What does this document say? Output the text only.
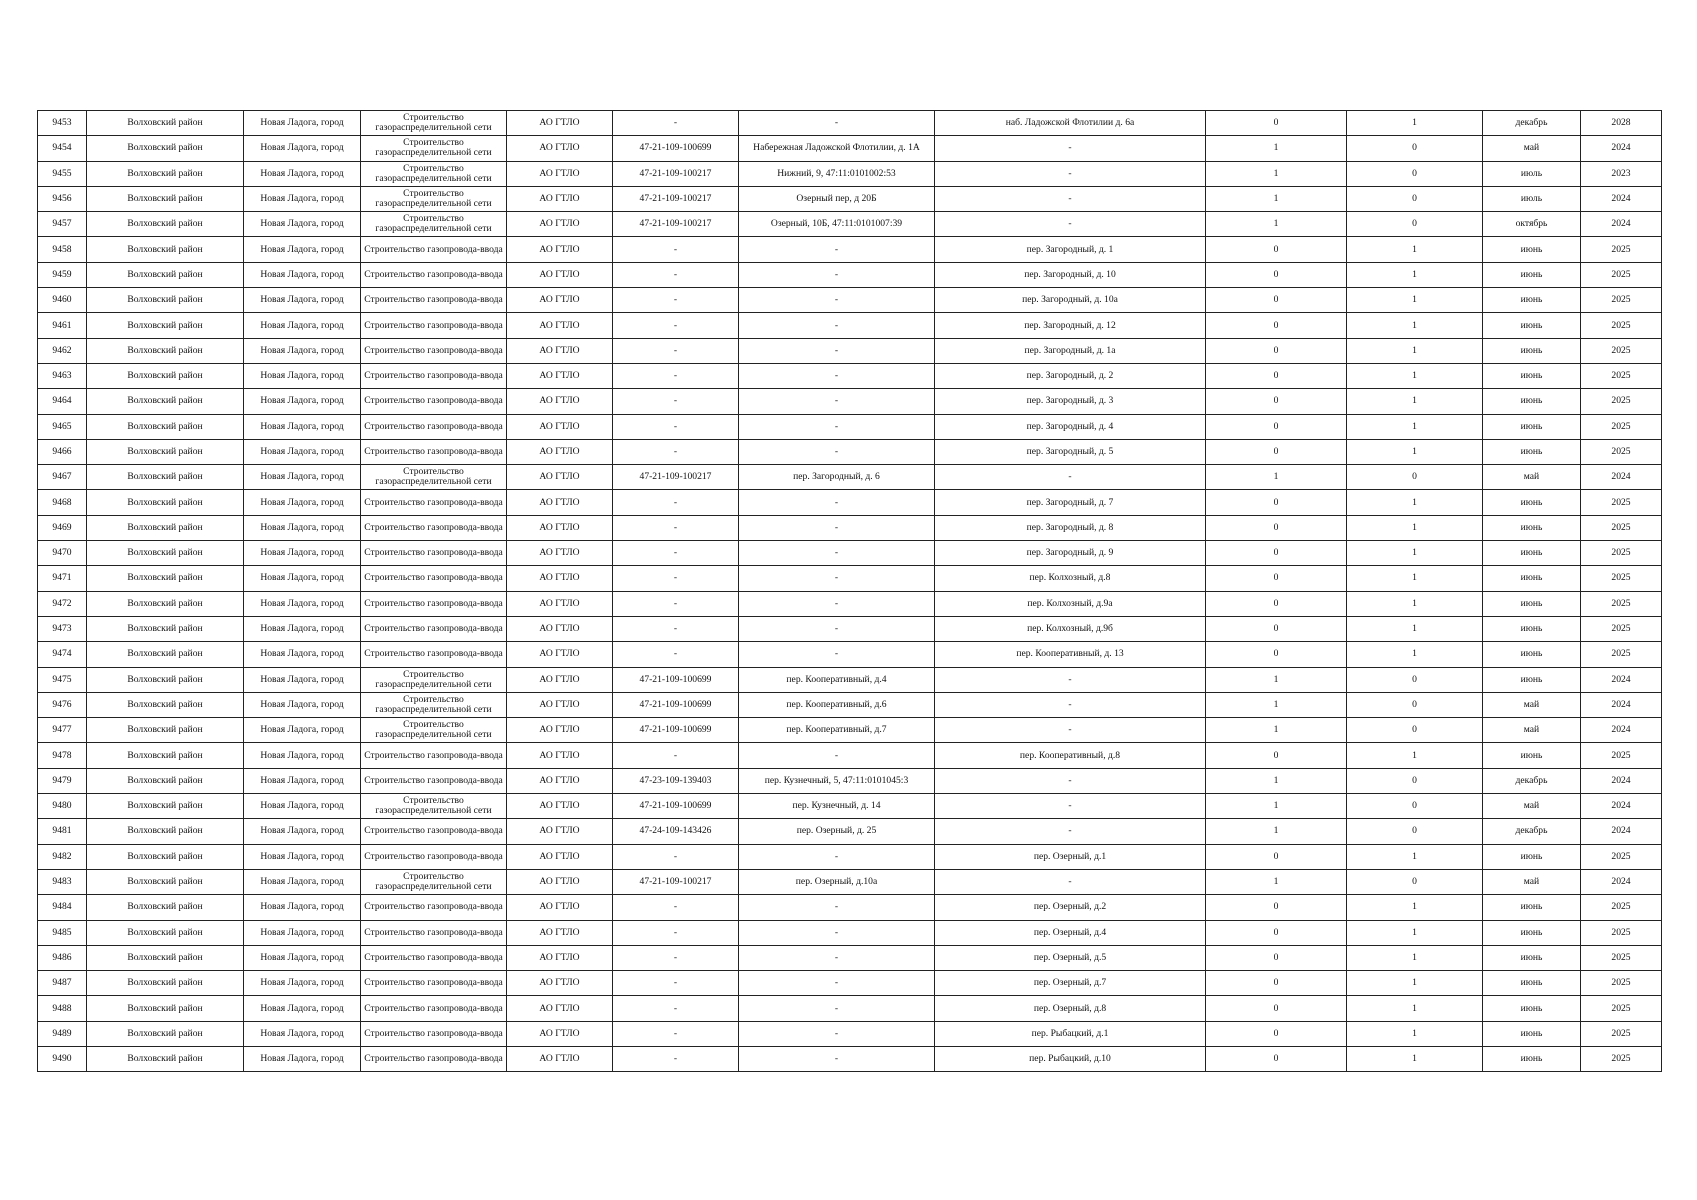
9453	Волховский район	Новая Ладога, город	Строительство газораспределительной сети	АО ГТЛО	-	-	наб. Ладожской Флотилии д. 6а	0	1	декабрь	2028
9454	Волховский район	Новая Ладога, город	Строительство газораспределительной сети	АО ГТЛО	47-21-109-100699	Набережная Ладожской Флотилии, д. 1А	-	1	0	май	2024
9455	Волховский район	Новая Ладога, город	Строительство газораспределительной сети	АО ГТЛО	47-21-109-100217	Нижний, 9, 47:11:0101002:53	-	1	0	июль	2023
9456	Волховский район	Новая Ладога, город	Строительство газораспределительной сети	АО ГТЛО	47-21-109-100217	Озерный пер, д 20Б	-	1	0	июль	2024
9457	Волховский район	Новая Ладога, город	Строительство газораспределительной сети	АО ГТЛО	47-21-109-100217	Озерный, 10Б, 47:11:0101007:39	-	1	0	октябрь	2024
9458	Волховский район	Новая Ладога, город	Строительство газопровода-ввода	АО ГТЛО	-	-	пер. Загородный, д. 1	0	1	июнь	2025
9459	Волховский район	Новая Ладога, город	Строительство газопровода-ввода	АО ГТЛО	-	-	пер. Загородный, д. 10	0	1	июнь	2025
9460	Волховский район	Новая Ладога, город	Строительство газопровода-ввода	АО ГТЛО	-	-	пер. Загородный, д. 10а	0	1	июнь	2025
9461	Волховский район	Новая Ладога, город	Строительство газопровода-ввода	АО ГТЛО	-	-	пер. Загородный, д. 12	0	1	июнь	2025
9462	Волховский район	Новая Ладога, город	Строительство газопровода-ввода	АО ГТЛО	-	-	пер. Загородный, д. 1а	0	1	июнь	2025
9463	Волховский район	Новая Ладога, город	Строительство газопровода-ввода	АО ГТЛО	-	-	пер. Загородный, д. 2	0	1	июнь	2025
9464	Волховский район	Новая Ладога, город	Строительство газопровода-ввода	АО ГТЛО	-	-	пер. Загородный, д. 3	0	1	июнь	2025
9465	Волховский район	Новая Ладога, город	Строительство газопровода-ввода	АО ГТЛО	-	-	пер. Загородный, д. 4	0	1	июнь	2025
9466	Волховский район	Новая Ладога, город	Строительство газопровода-ввода	АО ГТЛО	-	-	пер. Загородный, д. 5	0	1	июнь	2025
9467	Волховский район	Новая Ладога, город	Строительство газораспределительной сети	АО ГТЛО	47-21-109-100217	пер. Загородный, д. 6	-	1	0	май	2024
9468	Волховский район	Новая Ладога, город	Строительство газопровода-ввода	АО ГТЛО	-	-	пер. Загородный, д. 7	0	1	июнь	2025
9469	Волховский район	Новая Ладога, город	Строительство газопровода-ввода	АО ГТЛО	-	-	пер. Загородный, д. 8	0	1	июнь	2025
9470	Волховский район	Новая Ладога, город	Строительство газопровода-ввода	АО ГТЛО	-	-	пер. Загородный, д. 9	0	1	июнь	2025
9471	Волховский район	Новая Ладога, город	Строительство газопровода-ввода	АО ГТЛО	-	-	пер. Колхозный, д.8	0	1	июнь	2025
9472	Волховский район	Новая Ладога, город	Строительство газопровода-ввода	АО ГТЛО	-	-	пер. Колхозный, д.9а	0	1	июнь	2025
9473	Волховский район	Новая Ладога, город	Строительство газопровода-ввода	АО ГТЛО	-	-	пер. Колхозный, д.9б	0	1	июнь	2025
9474	Волховский район	Новая Ладога, город	Строительство газопровода-ввода	АО ГТЛО	-	-	пер. Кооперативный, д. 13	0	1	июнь	2025
9475	Волховский район	Новая Ладога, город	Строительство газораспределительной сети	АО ГТЛО	47-21-109-100699	пер. Кооперативный, д.4	-	1	0	июнь	2024
9476	Волховский район	Новая Ладога, город	Строительство газораспределительной сети	АО ГТЛО	47-21-109-100699	пер. Кооперативный, д.6	-	1	0	май	2024
9477	Волховский район	Новая Ладога, город	Строительство газораспределительной сети	АО ГТЛО	47-21-109-100699	пер. Кооперативный, д.7	-	1	0	май	2024
9478	Волховский район	Новая Ладога, город	Строительство газопровода-ввода	АО ГТЛО	-	-	пер. Кооперативный, д.8	0	1	июнь	2025
9479	Волховский район	Новая Ладога, город	Строительство газопровода-ввода	АО ГТЛО	47-23-109-139403	пер. Кузнечный, 5, 47:11:0101045:3	-	1	0	декабрь	2024
9480	Волховский район	Новая Ладога, город	Строительство газораспределительной сети	АО ГТЛО	47-21-109-100699	пер. Кузнечный, д. 14	-	1	0	май	2024
9481	Волховский район	Новая Ладога, город	Строительство газопровода-ввода	АО ГТЛО	47-24-109-143426	пер. Озерный, д. 25	-	1	0	декабрь	2024
9482	Волховский район	Новая Ладога, город	Строительство газопровода-ввода	АО ГТЛО	-	-	пер. Озерный, д.1	0	1	июнь	2025
9483	Волховский район	Новая Ладога, город	Строительство газораспределительной сети	АО ГТЛО	47-21-109-100217	пер. Озерный, д.10а	-	1	0	май	2024
9484	Волховский район	Новая Ладога, город	Строительство газопровода-ввода	АО ГТЛО	-	-	пер. Озерный, д.2	0	1	июнь	2025
9485	Волховский район	Новая Ладога, город	Строительство газопровода-ввода	АО ГТЛО	-	-	пер. Озерный, д.4	0	1	июнь	2025
9486	Волховский район	Новая Ладога, город	Строительство газопровода-ввода	АО ГТЛО	-	-	пер. Озерный, д.5	0	1	июнь	2025
9487	Волховский район	Новая Ладога, город	Строительство газопровода-ввода	АО ГТЛО	-	-	пер. Озерный, д.7	0	1	июнь	2025
9488	Волховский район	Новая Ладога, город	Строительство газопровода-ввода	АО ГТЛО	-	-	пер. Озерный, д.8	0	1	июнь	2025
9489	Волховский район	Новая Ладога, город	Строительство газопровода-ввода	АО ГТЛО	-	-	пер. Рыбацкий, д.1	0	1	июнь	2025
9490	Волховский район	Новая Ладога, город	Строительство газопровода-ввода	АО ГТЛО	-	-	пер. Рыбацкий, д.10	0	1	июнь	2025
